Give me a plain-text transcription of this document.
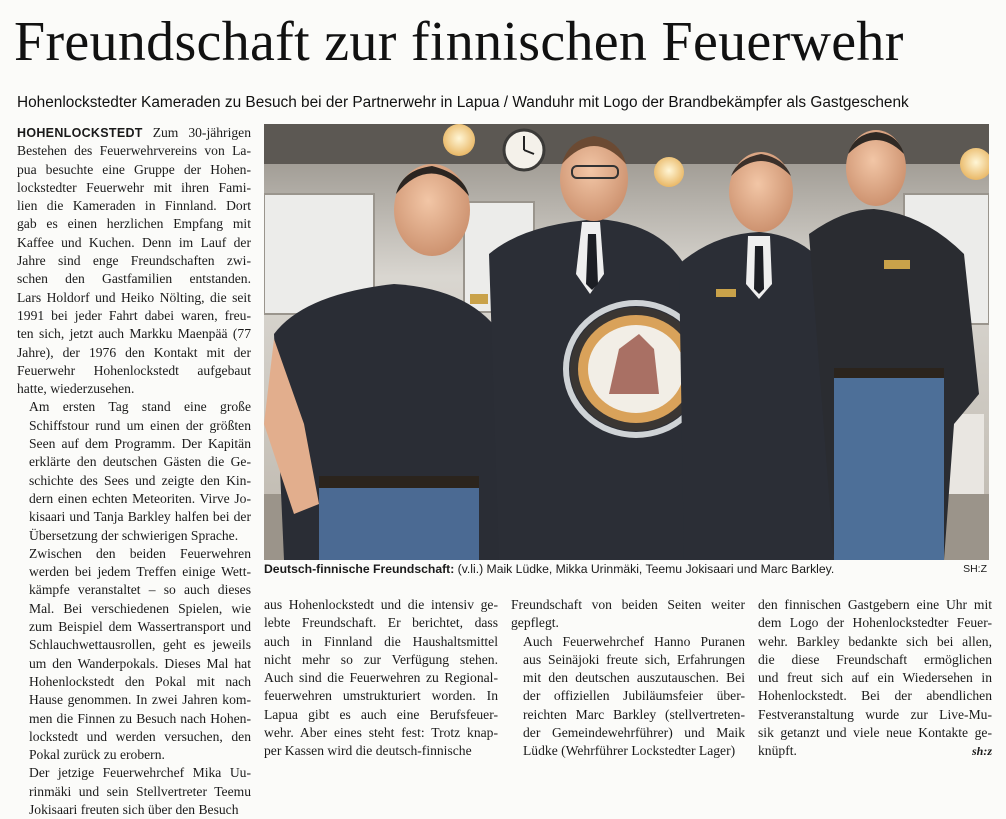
Freundschaft zur finnischen Feuerwehr
Hohenlockstedter Kameraden zu Besuch bei der Partnerwehr in Lapua / Wanduhr mit Logo der Brandbekämpfer als Gastgeschenk

HOHENLOCKSTEDT Zum 30-jährigen
Bestehen des Feuerwehrvereins von La-
pua besuchte eine Gruppe der Hohen-
lockstedter Feuerwehr mit ihren Fami-
lien die Kameraden in Finnland. Dort
gab es einen herzlichen Empfang mit
Kaffee und Kuchen. Denn im Lauf der
Jahre sind enge Freundschaften zwi-
schen den Gastfamilien entstanden.
Lars Holdorf und Heiko Nölting, die seit
1991 bei jeder Fahrt dabei waren, freu-
ten sich, jetzt auch Markku Maenpää (77
Jahre), der 1976 den Kontakt mit der
Feuerwehr Hohenlockstedt aufgebaut
hatte, wiederzusehen.

Am ersten Tag stand eine große
Schiffstour rund um einen der größten
Seen auf dem Programm. Der Kapitän
erklärte den deutschen Gästen die Ge-
schichte des Sees und zeigte den Kin-
dern einen echten Meteoriten. Virve Jo-
kisaari und Tanja Barkley halfen bei der
Übersetzung der schwierigen Sprache.

Zwischen den beiden Feuerwehren
werden bei jedem Treffen einige Wett-
kämpfe veranstaltet – so auch dieses
Mal. Bei verschiedenen Spielen, wie
zum Beispiel dem Wassertransport und
Schlauchwettausrollen, geht es jeweils
um den Wanderpokals. Dieses Mal hat
Hohenlockstedt den Pokal mit nach
Hause genommen. In zwei Jahren kom-
men die Finnen zu Besuch nach Hohen-
lockstedt und werden versuchen, den
Pokal zurück zu erobern.

Der jetzige Feuerwehrchef Mika Uu-
rinmäki und sein Stellvertreter Teemu
Jokisaari freuten sich über den Besuch

aus Hohenlockstedt und die intensiv ge-
lebte Freundschaft. Er berichtet, dass
auch in Finnland die Haushaltsmittel
nicht mehr so zur Verfügung stehen.
Auch sind die Feuerwehren zu Regional-
feuerwehren umstrukturiert worden. In
Lapua gibt es auch eine Berufsfeuer-
wehr. Aber eines steht fest: Trotz knap-
per Kassen wird die deutsch-finnische

Freundschaft von beiden Seiten weiter
gepflegt.

Auch Feuerwehrchef Hanno Puranen
aus Seinäjoki freute sich, Erfahrungen
mit den deutschen auszutauschen. Bei
der offiziellen Jubiläumsfeier über-
reichten Marc Barkley (stellvertreten-
der Gemeindewehrführer) und Maik
Lüdke (Wehrführer Lockstedter Lager)

den finnischen Gastgebern eine Uhr mit
dem Logo der Hohenlockstedter Feuer-
wehr. Barkley bedankte sich bei allen,
die diese Freundschaft ermöglichen
und freut sich auf ein Wiedersehen in
Hohenlockstedt. Bei der abendlichen
Festveranstaltung wurde zur Live-Mu-
sik getanzt und viele neue Kontakte ge-
knüpft.	sh:z

Deutsch-finnische Freundschaft: (v.li.) Maik Lüdke, Mikka Urinmäki, Teemu Jokisaari und Marc Barkley.	SH:Z
